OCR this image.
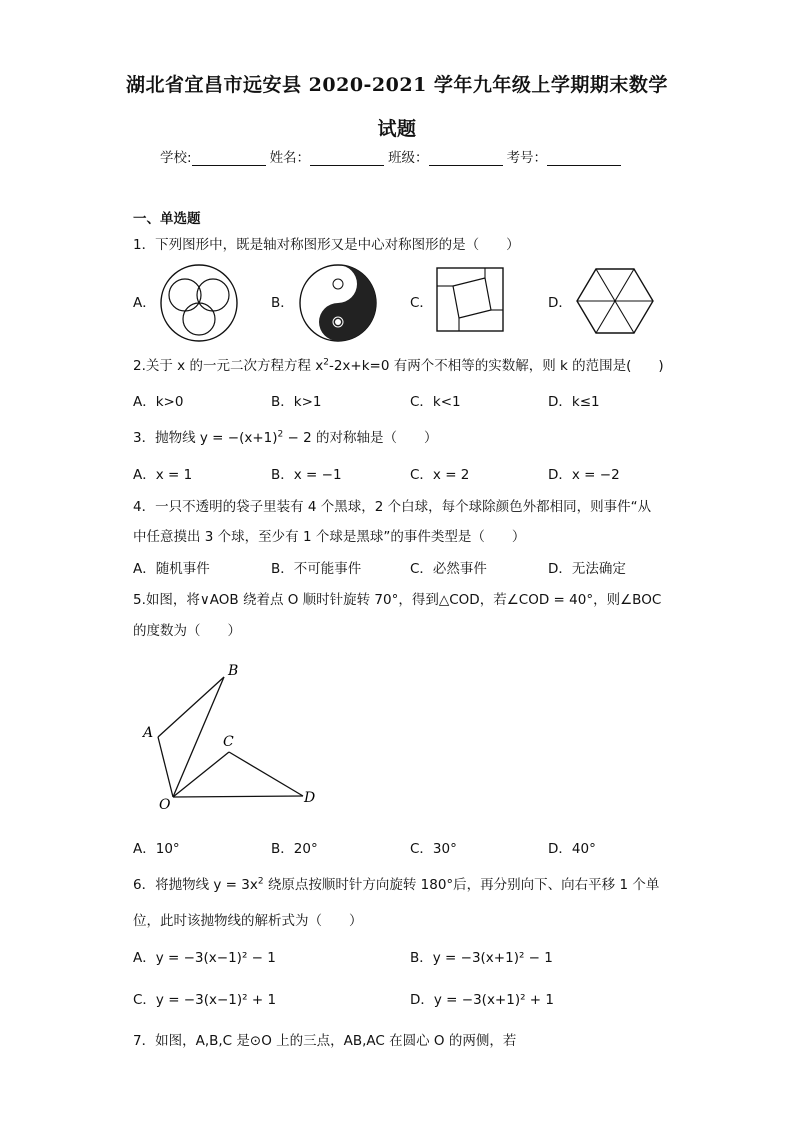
湖北省宜昌市远安县 2020-2021 学年九年级上学期期末数学
试题
学校:	姓名：	班级：	考号：
一、单选题
1．下列图形中，既是轴对称图形又是中心对称图形的是（　　）
A．	B．	C．	D．
2.关于 x 的一元二次方程方程 $x^2-2x+k=0$ 有两个不相等的实数解，则 k 的范围是(　　)
A．k>0	B．k>1	C．k<1	D．k≤1
3．抛物线 $y = -(x+1)^2 - 2$ 的对称轴是（　　）
A．x = 1	B．x = −1	C．x = 2	D．x = −2
4．一只不透明的袋子里装有 4 个黑球，2 个白球，每个球除颜色外都相同，则事件“从
中任意摸出 3 个球，至少有 1 个球是黑球”的事件类型是（　　）
A．随机事件	B．不可能事件	C．必然事件	D．无法确定
5.如图，将∨AOB 绕着点 O 顺时针旋转 70°，得到△COD，若∠COD = 40°，则∠BOC
的度数为（　　）
B
A
C
D
O
A．10°	B．20°	C．30°	D．40°
6．将抛物线 $y = 3x^2$ 绕原点按顺时针方向旋转 180°后，再分别向下、向右平移 1 个单
位，此时该抛物线的解析式为（　　）
A．y = −3(x−1)² − 1	B．y = −3(x+1)² − 1
C．y = −3(x−1)² + 1	D．y = −3(x+1)² + 1
7．如图，A,B,C 是⊙O 上的三点，AB,AC 在圆心 O 的两侧，若
